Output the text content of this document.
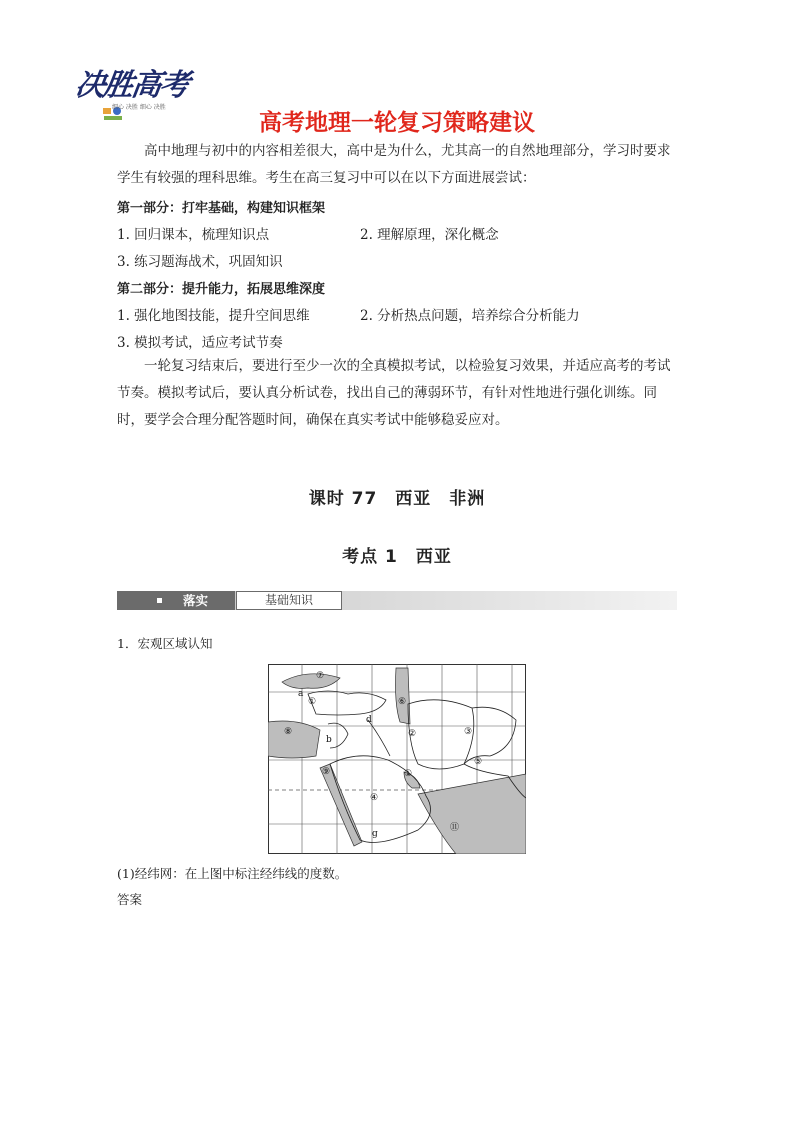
决胜高考
细心 决胜 细心 决胜
高考地理一轮复习策略建议
高中地理与初中的内容相差很大，高中是为什么，尤其高一的自然地理部分，学习时要求学生有较强的理科思维。考生在高三复习中可以在以下方面进展尝试：
第一部分：打牢基础，构建知识框架
1. 回归课本，梳理知识点	2. 理解原理，深化概念
3. 练习题海战术，巩固知识
第二部分：提升能力，拓展思维深度
1. 强化地图技能，提升空间思维	2. 分析热点问题，培养综合分析能力
3. 模拟考试，适应考试节奏
一轮复习结束后，要进行至少一次的全真模拟考试，以检验复习效果，并适应高考的考试节奏。模拟考试后，要认真分析试卷，找出自己的薄弱环节，有针对性地进行强化训练。同时，要学会合理分配答题时间，确保在真实考试中能够稳妥应对。
课时 77　西亚　非洲
考点 1　西亚
落实	基础知识
1．宏观区域认知
⑦
①	⑥
a
d
②	③
⑧
b
①
⑤
⑨
④
⑪
g
(1)经纬网：在上图中标注经纬线的度数。
答案
